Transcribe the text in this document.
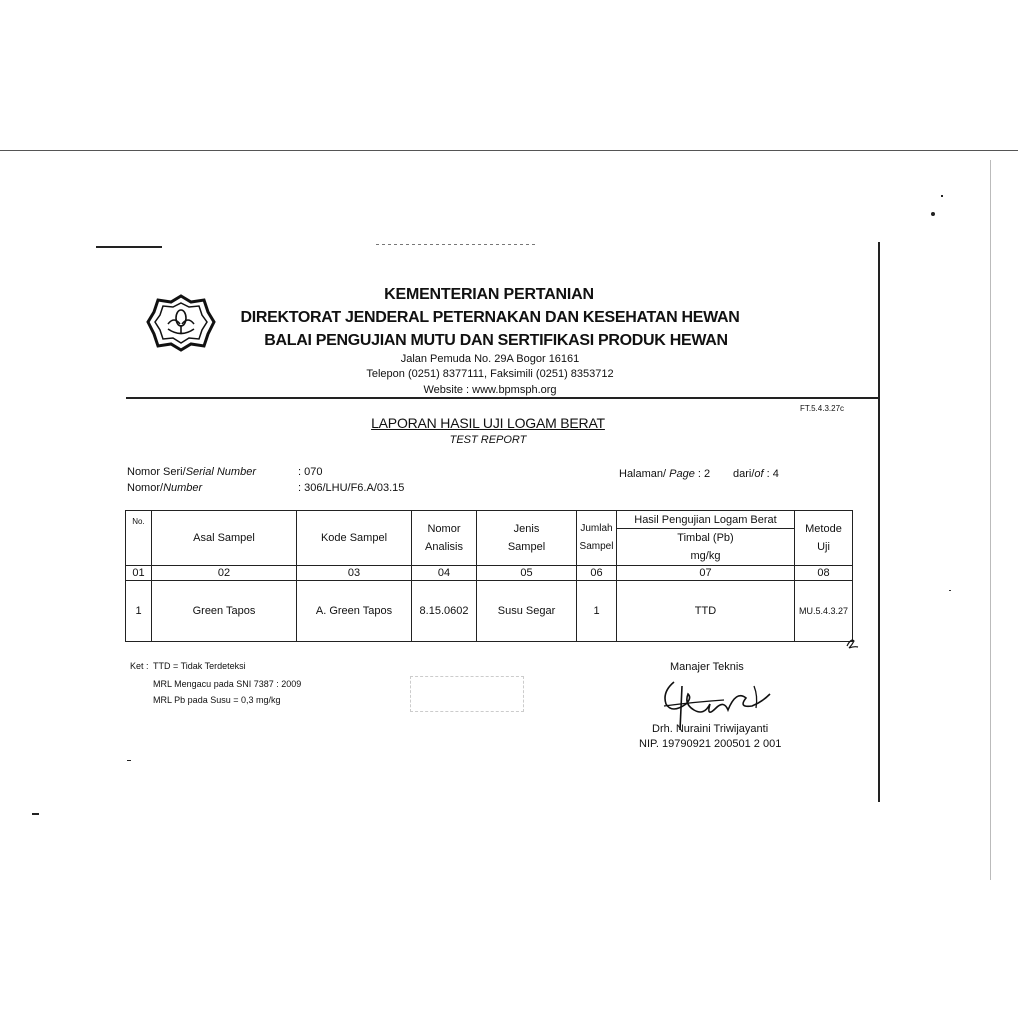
KEMENTERIAN PERTANIAN
DIREKTORAT JENDERAL PETERNAKAN DAN KESEHATAN HEWAN
BALAI PENGUJIAN MUTU DAN SERTIFIKASI PRODUK HEWAN
Jalan Pemuda No. 29A Bogor 16161
Telepon (0251) 8377111, Faksimili (0251) 8353712
Website : www.bpmsph.org
FT.5.4.3.27c
LAPORAN HASIL UJI LOGAM BERAT
TEST REPORT
Nomor Seri/Serial Number	: 070
Nomor/Number	: 306/LHU/F6.A/03.15
Halaman/ Page : 2 dari/of : 4
No.	Asal Sampel	Kode Sampel	Nomor Analisis	Jenis Sampel	Jumlah Sampel	Hasil Pengujian Logam Berat	Metode Uji
						Timbal (Pb)	
						mg/kg	
01	02	03	04	05	06	07	08
1	Green Tapos	A. Green Tapos	8.15.0602	Susu Segar	1	TTD	MU.5.4.3.27
Ket : TTD = Tidak Terdeteksi
MRL Mengacu pada SNI 7387 : 2009
MRL Pb pada Susu = 0,3 mg/kg
Manajer Teknis
Drh. Nuraini Triwijayanti
NIP. 19790921 200501 2 001
